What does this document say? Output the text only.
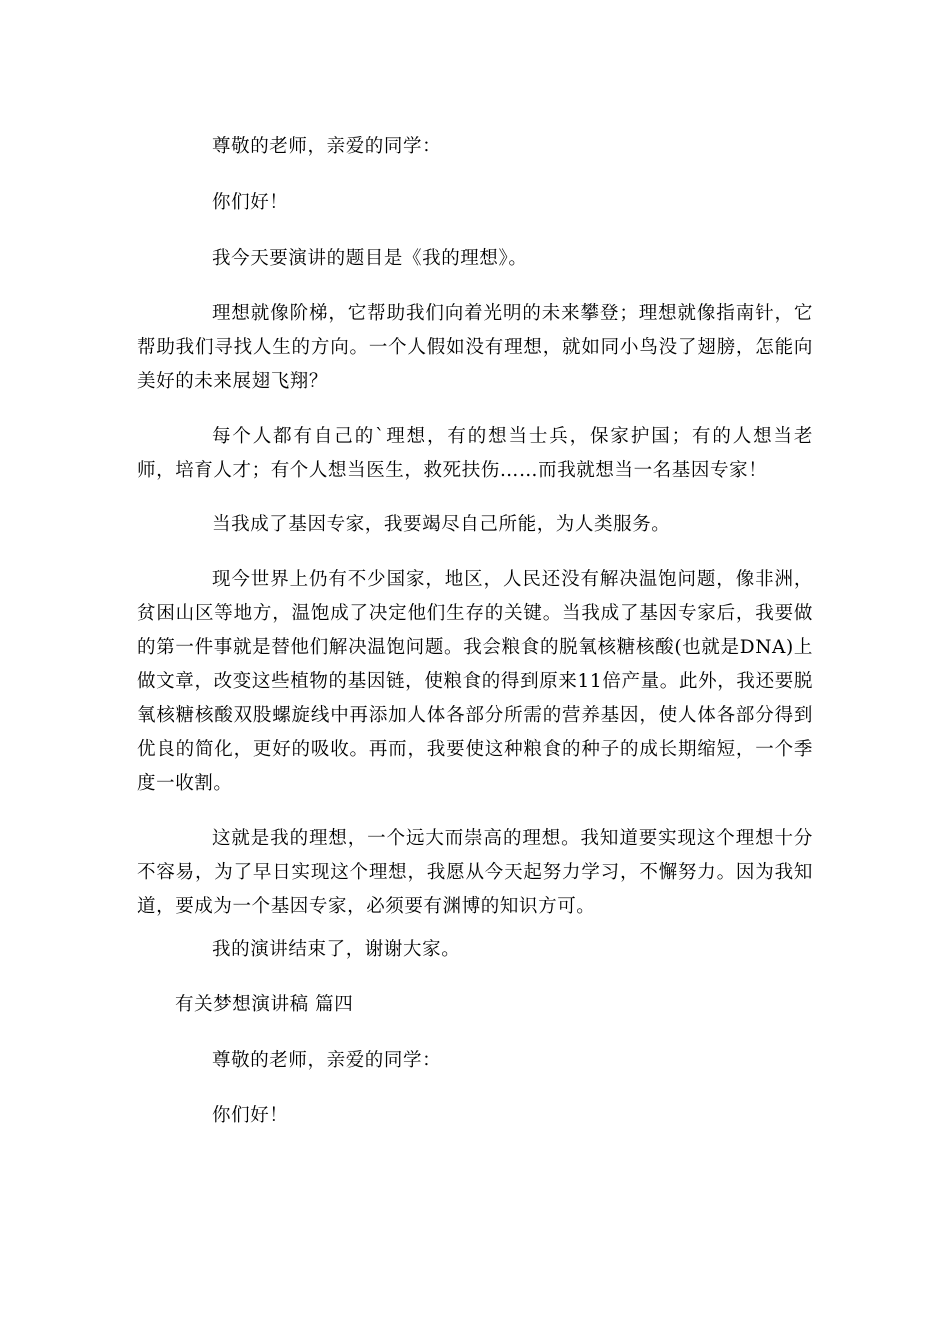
尊敬的老师，亲爱的同学：

你们好！

我今天要演讲的题目是《我的理想》。

理想就像阶梯，它帮助我们向着光明的未来攀登；理想就像指南针，它帮助我们寻找人生的方向。一个人假如没有理想，就如同小鸟没了翅膀，怎能向美好的未来展翅飞翔？

每个人都有自己的`理想，有的想当士兵，保家护国；有的人想当老师，培育人才；有个人想当医生，救死扶伤……而我就想当一名基因专家！

当我成了基因专家，我要竭尽自己所能，为人类服务。

现今世界上仍有不少国家，地区，人民还没有解决温饱问题，像非洲，贫困山区等地方，温饱成了决定他们生存的关键。当我成了基因专家后，我要做的第一件事就是替他们解决温饱问题。我会粮食的脱氧核糖核酸(也就是DNA)上做文章，改变这些植物的基因链，使粮食的得到原来11倍产量。此外，我还要脱氧核糖核酸双股螺旋线中再添加人体各部分所需的营养基因，使人体各部分得到优良的简化，更好的吸收。再而，我要使这种粮食的种子的成长期缩短，一个季度一收割。

这就是我的理想，一个远大而崇高的理想。我知道要实现这个理想十分不容易，为了早日实现这个理想，我愿从今天起努力学习，不懈努力。因为我知道，要成为一个基因专家，必须要有渊博的知识方可。

我的演讲结束了，谢谢大家。

有关梦想演讲稿 篇四

尊敬的老师，亲爱的同学：

你们好！
